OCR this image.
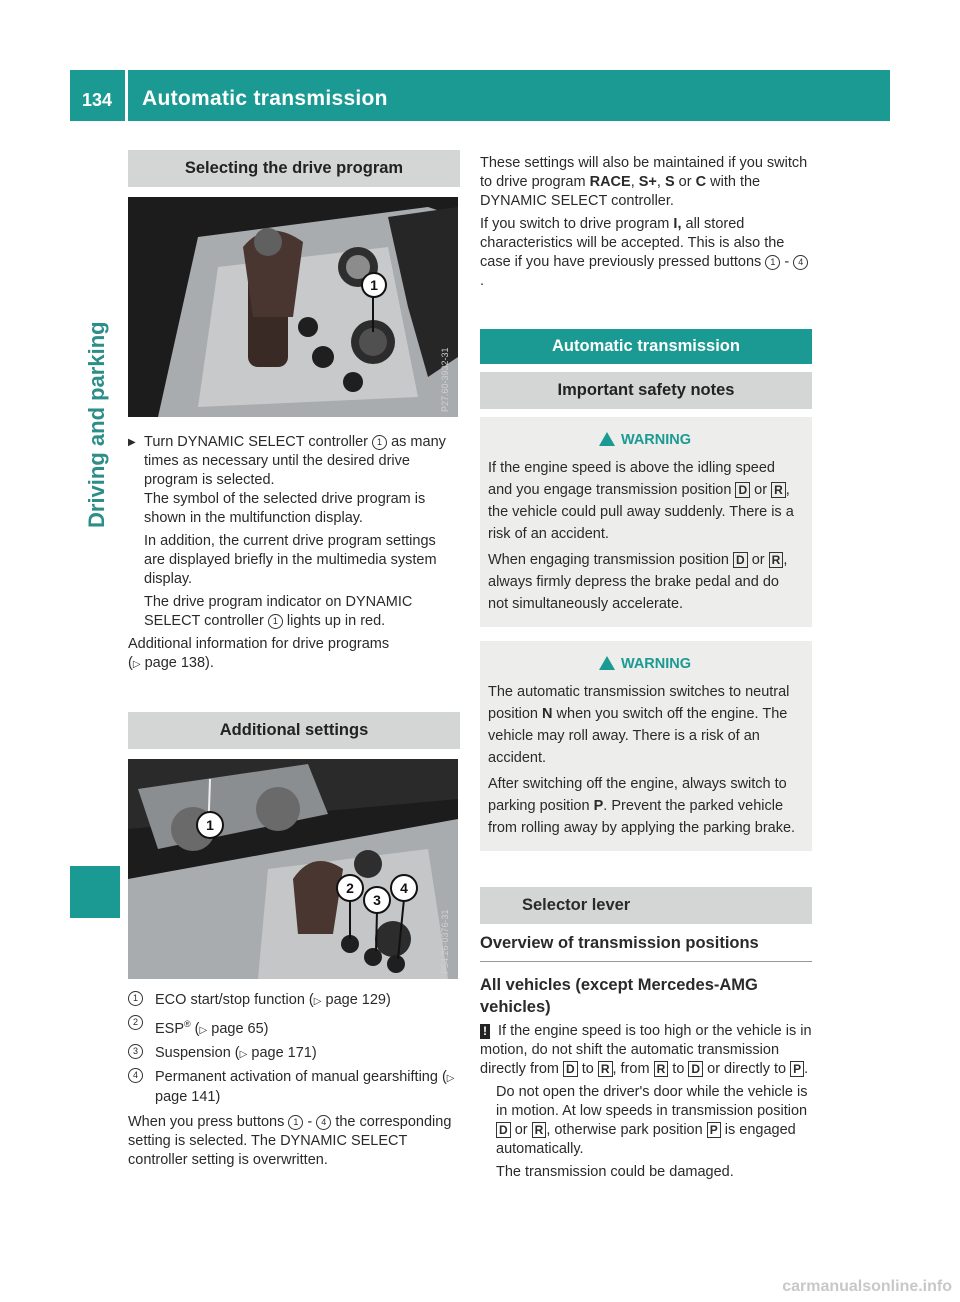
134 Automatic transmission
Driving and parking
Selecting the drive program
1
P27.60-3932-31

▶ Turn DYNAMIC SELECT controller 1 as many times as necessary until the desired drive program is selected.

The symbol of the selected drive program is shown in the multifunction display.

In addition, the current drive program settings are displayed briefly in the multimedia system display.

The drive program indicator on DYNAMIC SELECT controller 1 lights up in red.

Additional information for drive programs
(▷ page 138).

Additional settings
1
2
3
4
P54.26-0376-31

1	ECO start/stop function (▷ page 129)

2	ESP® (▷ page 65)

3	Suspension (▷ page 171)

4	Permanent activation of manual gearshifting (▷ page 141)

When you press buttons 1 - 4 the corresponding setting is selected. The DYNAMIC SELECT controller setting is overwritten.

These settings will also be maintained if you switch to drive program RACE, S+, S or C with the DYNAMIC SELECT controller.

If you switch to drive program I, all stored characteristics will be accepted. This is also the case if you have previously pressed buttons 1 - 4.

Automatic transmission
Important safety notes
WARNING

If the engine speed is above the idling speed and you engage transmission position D or R , the vehicle could pull away suddenly. There is a risk of an accident.

When engaging transmission position D or R , always firmly depress the brake pedal and do not simultaneously accelerate.

WARNING

The automatic transmission switches to neutral position N when you switch off the engine. The vehicle may roll away. There is a risk of an accident.

After switching off the engine, always switch to parking position P. Prevent the parked vehicle from rolling away by applying the parking brake.

Selector lever

Overview of transmission positions

All vehicles (except Mercedes-AMG vehicles)

! If the engine speed is too high or the vehicle is in motion, do not shift the automatic transmission directly from D to R , from R to D or directly to P .

Do not open the driver's door while the vehicle is in motion. At low speeds in transmission position D or R , otherwise park position P is engaged automatically.

The transmission could be damaged.

carmanualsonline.info
